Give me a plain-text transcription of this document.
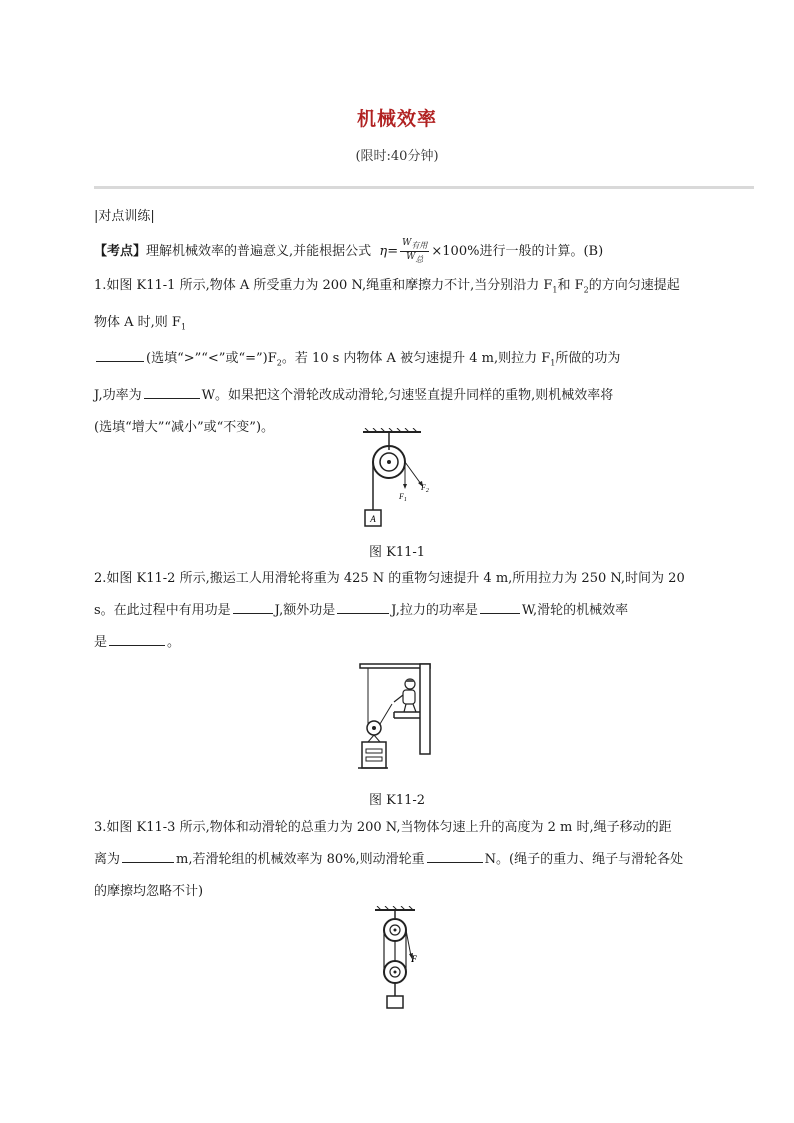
机械效率
(限时:40分钟)
|对点训练|
【考点】理解机械效率的普遍意义,并能根据公式 $\eta= \frac{W_{有用}}{W_总} \times 100\%$进行一般的计算。(B)
1.如图 K11-1 所示,物体 A 所受重力为 200 N,绳重和摩擦力不计,当分别沿力 $F_1$和 $F_2$的方向匀速提起
物体 A 时,则 $F_1$
(选填“>”“<”或“$=”)F_2$。若 10 s 内物体 A 被匀速提升 4 m,则拉力 $F_1$所做的功为
J,功率为	W。如果把这个滑轮改成动滑轮,匀速竖直提升同样的重物,则机械效率将
(选填“增大”“减小”或“不变”)。
A
$F_1$
$F_2$
图 K11-1
2.如图 K11-2 所示,搬运工人用滑轮将重为 425 N 的重物匀速提升 4 m,所用拉力为 250 N,时间为 20
s。在此过程中有用功是	J,额外功是	J,拉力的功率是	W,滑轮的机械效率
是	。
图 K11-2
3.如图 K11-3 所示,物体和动滑轮的总重力为 200 N,当物体匀速上升的高度为 2 m 时,绳子移动的距
离为	m,若滑轮组的机械效率为 80%,则动滑轮重	N。(绳子的重力、绳子与滑轮各处
的摩擦均忽略不计)
F
